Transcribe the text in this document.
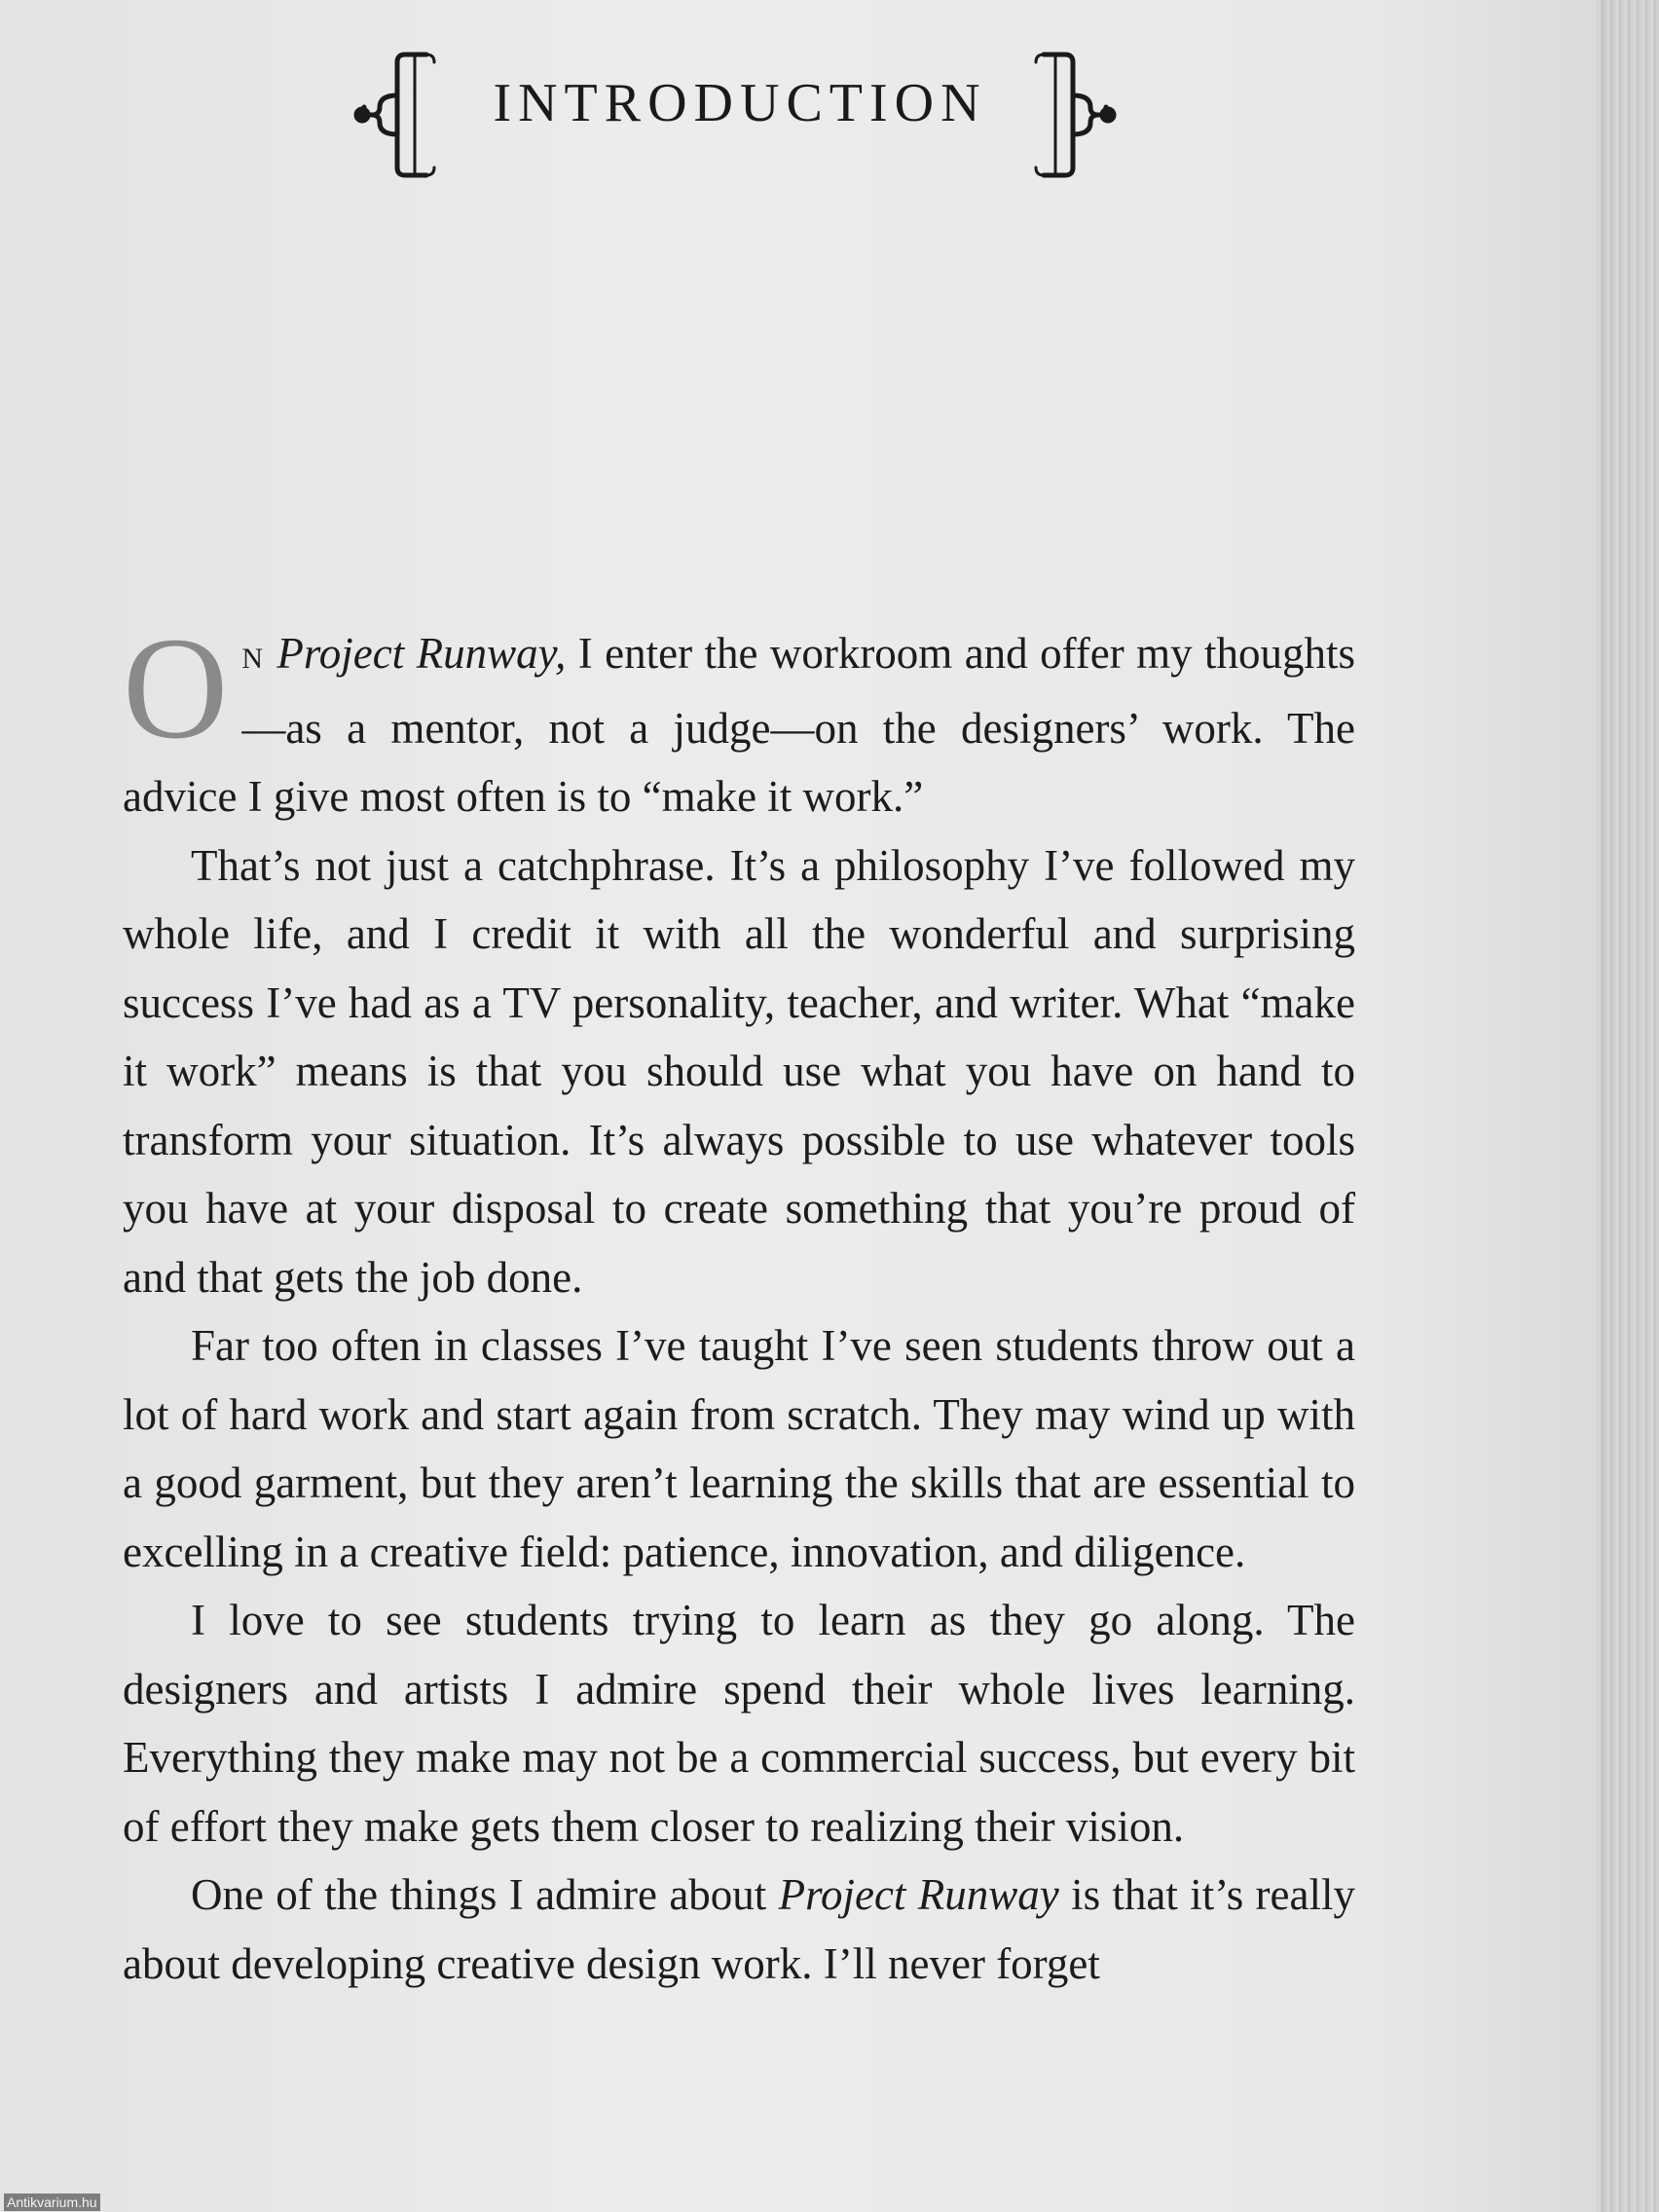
INTRODUCTION

O N Project Runway, I enter the workroom and offer my thoughts—as a mentor, not a judge—on the designers’ work. The advice I give most often is to “make it work.”

That’s not just a catchphrase. It’s a philosophy I’ve followed my whole life, and I credit it with all the wonderful and surprising success I’ve had as a TV personality, teacher, and writer. What “make it work” means is that you should use what you have on hand to transform your situation. It’s always possible to use whatever tools you have at your disposal to create something that you’re proud of and that gets the job done.

Far too often in classes I’ve taught I’ve seen students throw out a lot of hard work and start again from scratch. They may wind up with a good garment, but they aren’t learning the skills that are essential to excelling in a creative field: patience, innovation, and diligence.

I love to see students trying to learn as they go along. The designers and artists I admire spend their whole lives learning. Everything they make may not be a commercial success, but every bit of effort they make gets them closer to realizing their vision.

One of the things I admire about Project Runway is that it’s really about developing creative design work. I’ll never forget

Antikvarium.hu
